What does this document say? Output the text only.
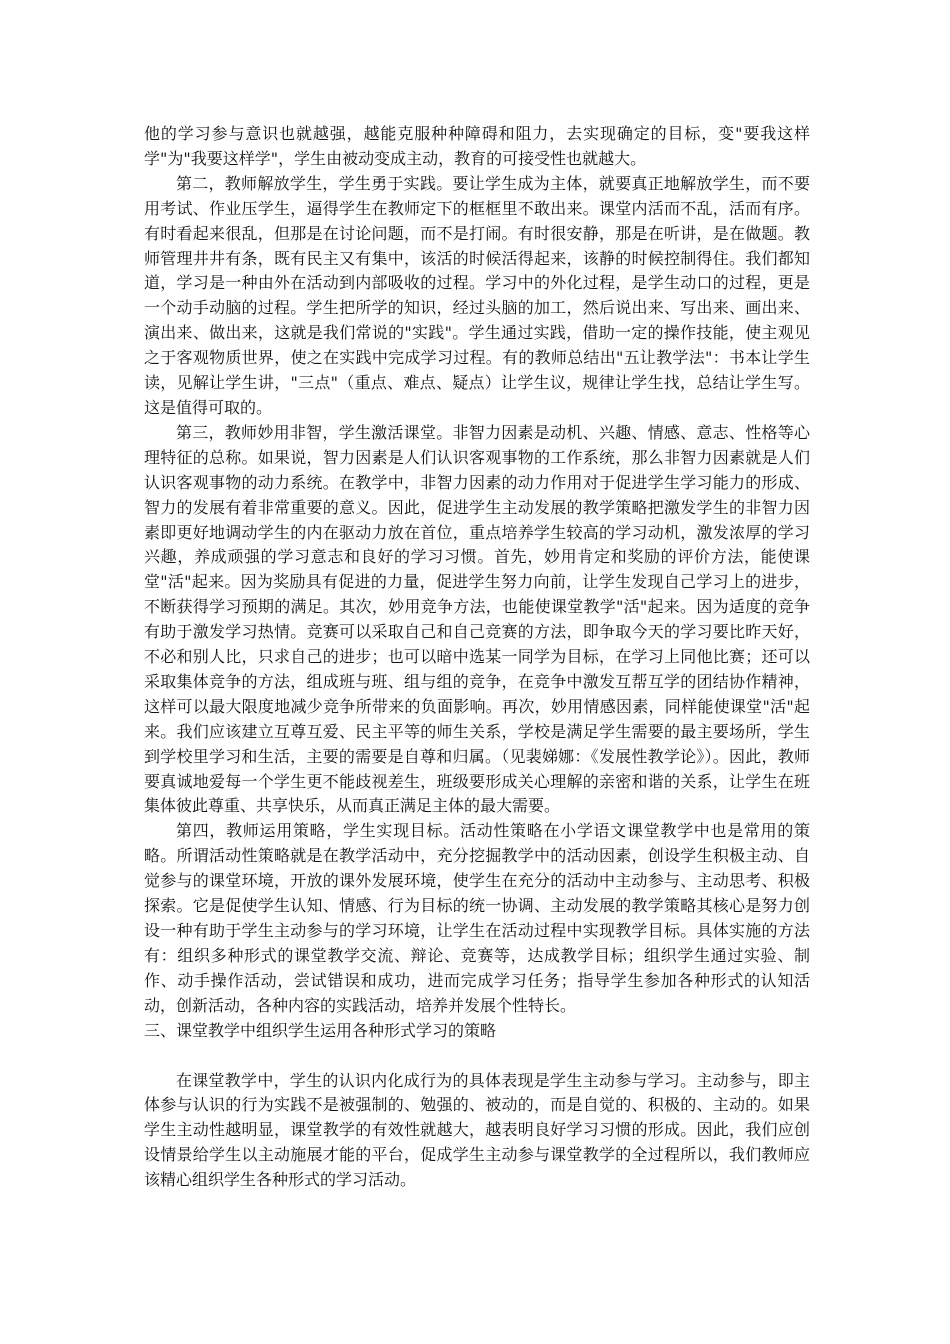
他的学习参与意识也就越强，越能克服种种障碍和阻力，去实现确定的目标，变"要我这样学"为"我要这样学"，学生由被动变成主动，教育的可接受性也就越大。

第二，教师解放学生，学生勇于实践。要让学生成为主体，就要真正地解放学生，而不要用考试、作业压学生，逼得学生在教师定下的框框里不敢出来。课堂内活而不乱，活而有序。有时看起来很乱，但那是在讨论问题，而不是打闹。有时很安静，那是在听讲，是在做题。教师管理井井有条，既有民主又有集中，该活的时候活得起来，该静的时候控制得住。我们都知道，学习是一种由外在活动到内部吸收的过程。学习中的外化过程，是学生动口的过程，更是一个动手动脑的过程。学生把所学的知识，经过头脑的加工，然后说出来、写出来、画出来、演出来、做出来，这就是我们常说的"实践"。学生通过实践，借助一定的操作技能，使主观见之于客观物质世界，使之在实践中完成学习过程。有的教师总结出"五让教学法"：书本让学生读，见解让学生讲，"三点"（重点、难点、疑点）让学生议，规律让学生找，总结让学生写。这是值得可取的。

第三，教师妙用非智，学生激活课堂。非智力因素是动机、兴趣、情感、意志、性格等心理特征的总称。如果说，智力因素是人们认识客观事物的工作系统，那么非智力因素就是人们认识客观事物的动力系统。在教学中，非智力因素的动力作用对于促进学生学习能力的形成、智力的发展有着非常重要的意义。因此，促进学生主动发展的教学策略把激发学生的非智力因素即更好地调动学生的内在驱动力放在首位，重点培养学生较高的学习动机，激发浓厚的学习兴趣，养成顽强的学习意志和良好的学习习惯。首先，妙用肯定和奖励的评价方法，能使课堂"活"起来。因为奖励具有促进的力量，促进学生努力向前，让学生发现自己学习上的进步，不断获得学习预期的满足。其次，妙用竞争方法，也能使课堂教学"活"起来。因为适度的竞争有助于激发学习热情。竞赛可以采取自己和自己竞赛的方法，即争取今天的学习要比昨天好，不必和别人比，只求自己的进步；也可以暗中选某一同学为目标，在学习上同他比赛；还可以采取集体竞争的方法，组成班与班、组与组的竞争，在竞争中激发互帮互学的团结协作精神，这样可以最大限度地减少竞争所带来的负面影响。再次，妙用情感因素，同样能使课堂"活"起来。我们应该建立互尊互爱、民主平等的师生关系，学校是满足学生需要的最主要场所，学生到学校里学习和生活，主要的需要是自尊和归属。（见裴娣娜：《发展性教学论》）。因此，教师要真诚地爱每一个学生更不能歧视差生，班级要形成关心理解的亲密和谐的关系，让学生在班集体彼此尊重、共享快乐，从而真正满足主体的最大需要。

第四，教师运用策略，学生实现目标。活动性策略在小学语文课堂教学中也是常用的策略。所谓活动性策略就是在教学活动中，充分挖掘教学中的活动因素，创设学生积极主动、自觉参与的课堂环境，开放的课外发展环境，使学生在充分的活动中主动参与、主动思考、积极探索。它是促使学生认知、情感、行为目标的统一协调、主动发展的教学策略其核心是努力创设一种有助于学生主动参与的学习环境，让学生在活动过程中实现教学目标。具体实施的方法有：组织多种形式的课堂教学交流、辩论、竞赛等，达成教学目标；组织学生通过实验、制作、动手操作活动，尝试错误和成功，进而完成学习任务；指导学生参加各种形式的认知活动，创新活动，各种内容的实践活动，培养并发展个性特长。

三、课堂教学中组织学生运用各种形式学习的策略

在课堂教学中，学生的认识内化成行为的具体表现是学生主动参与学习。主动参与，即主体参与认识的行为实践不是被强制的、勉强的、被动的，而是自觉的、积极的、主动的。如果学生主动性越明显，课堂教学的有效性就越大，越表明良好学习习惯的形成。因此，我们应创设情景给学生以主动施展才能的平台，促成学生主动参与课堂教学的全过程所以，我们教师应该精心组织学生各种形式的学习活动。
